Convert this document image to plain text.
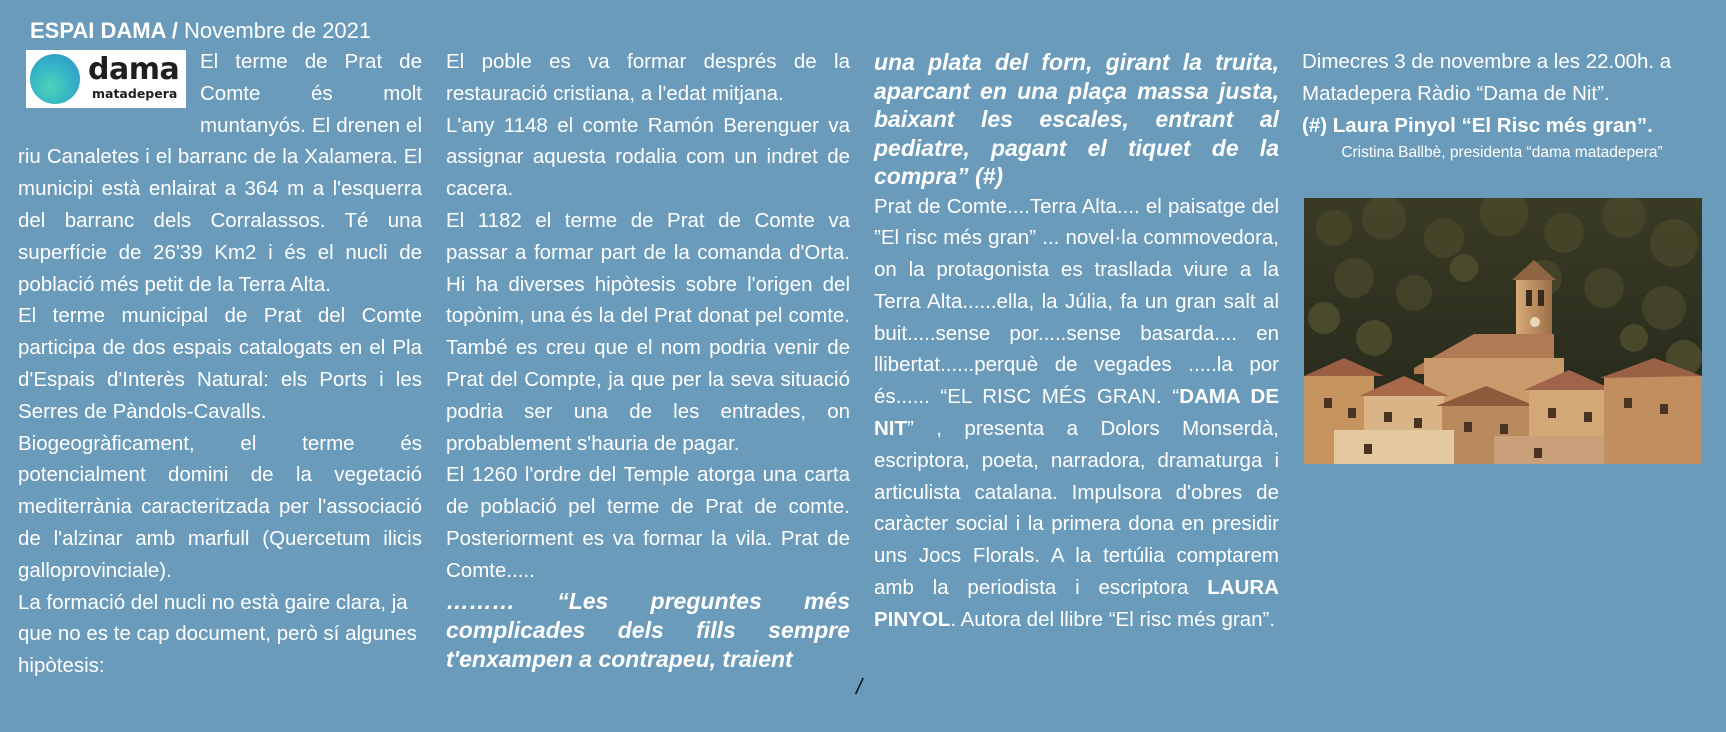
ESPAI DAMA / Novembre de 2021
dama
matadepera

El terme de Prat de Comte és molt muntanyós. El drenen el riu Canaletes i el barranc de la Xalamera. El municipi està enlairat a 364 m a l'esquerra del barranc dels Corralassos. Té una superfície de 26'39 Km2 i és el nucli de població més petit de la Terra Alta.

El terme municipal de Prat del Comte participa de dos espais catalogats en el Pla d'Espais d'Interès Natural: els Ports i les Serres de Pàndols-Cavalls.

Biogeogràficament, el terme és potencialment domini de la vegetació mediterrània caracteritzada per l'associació de l'alzinar amb marfull (Quercetum ilicis galloprovinciale).

La formació del nucli no està gaire clara, ja que no es te cap document, però sí algunes hipòtesis:

El poble es va formar després de la restauració cristiana, a l'edat mitjana.

L'any 1148 el comte Ramón Berenguer va assignar aquesta rodalia com un indret de cacera.

El 1182 el terme de Prat de Comte va passar a formar part de la comanda d'Orta. Hi ha diverses hipòtesis sobre l'origen del topònim, una és la del Prat donat pel comte. També es creu que el nom podria venir de Prat del Compte, ja que per la seva situació podria ser una de les entrades, on probablement s'hauria de pagar.

El 1260 l'ordre del Temple atorga una carta de població pel terme de Prat de comte. Posteriorment es va formar la vila. Prat de Comte.....

……… “Les preguntes més complicades dels fills sempre t'enxampen a contrapeu, traient

/

una plata del forn, girant la truita, aparcant en una plaça massa justa, baixant les escales, entrant al pediatre, pagant el tiquet de la compra” (#)

Prat de Comte....Terra Alta.... el paisatge del ”El risc més gran” ... novel·la commovedora, on la protagonista es trasllada viure a la Terra Alta......ella, la Júlia, fa un gran salt al buit.....sense por.....sense basarda.... en llibertat......perquè de vegades .....la por és...... “EL RISC MÉS GRAN. “DAMA DE NIT” , presenta a Dolors Monserdà, escriptora, poeta, narradora, dramaturga i articulista catalana. Impulsora d'obres de caràcter social i la primera dona en presidir uns Jocs Florals. A la tertúlia comptarem amb la periodista i escriptora LAURA PINYOL. Autora del llibre “El risc més gran”.

Dimecres 3 de novembre a les 22.00h. a Matadepera Ràdio “Dama de Nit”.

(#) Laura Pinyol “El Risc més gran”.

Cristina Ballbè, presidenta “dama matadepera”
